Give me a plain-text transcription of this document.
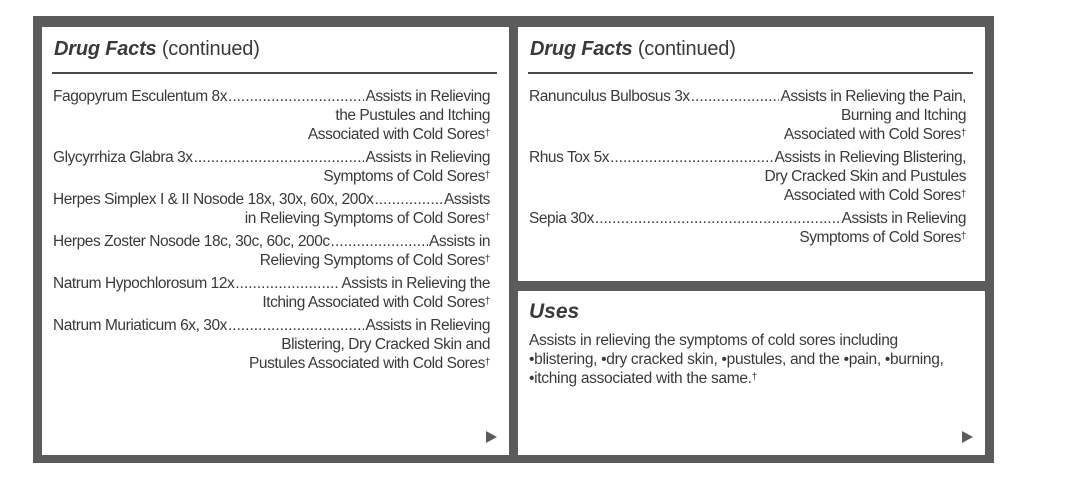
Drug Facts (continued)
Fagopyrum Esculentum 8x .....	Assists in Relieving
the Pustules and Itching
Associated with Cold Sores†
Glycyrrhiza Glabra 3x .....	Assists in Relieving
Symptoms of Cold Sores†
Herpes Simplex I & II Nosode 18x, 30x, 60x, 200x .....	Assists
in Relieving Symptoms of Cold Sores†
Herpes Zoster Nosode 18c, 30c, 60c, 200c .....	Assists in
Relieving Symptoms of Cold Sores†
Natrum Hypochlorosum 12x .....	Assists in Relieving the
Itching Associated with Cold Sores†
Natrum Muriaticum 6x, 30x .....	Assists in Relieving
Blistering, Dry Cracked Skin and
Pustules Associated with Cold Sores†
Drug Facts (continued)
Ranunculus Bulbosus 3x .....	Assists in Relieving the Pain,
Burning and Itching
Associated with Cold Sores†
Rhus Tox 5x .....	Assists in Relieving Blistering,
Dry Cracked Skin and Pustules
Associated with Cold Sores†
Sepia 30x .....	Assists in Relieving
Symptoms of Cold Sores†
Uses
Assists in relieving the symptoms of cold sores including •blistering, •dry cracked skin, •pustules, and the •pain, •burning, •itching associated with the same.†
